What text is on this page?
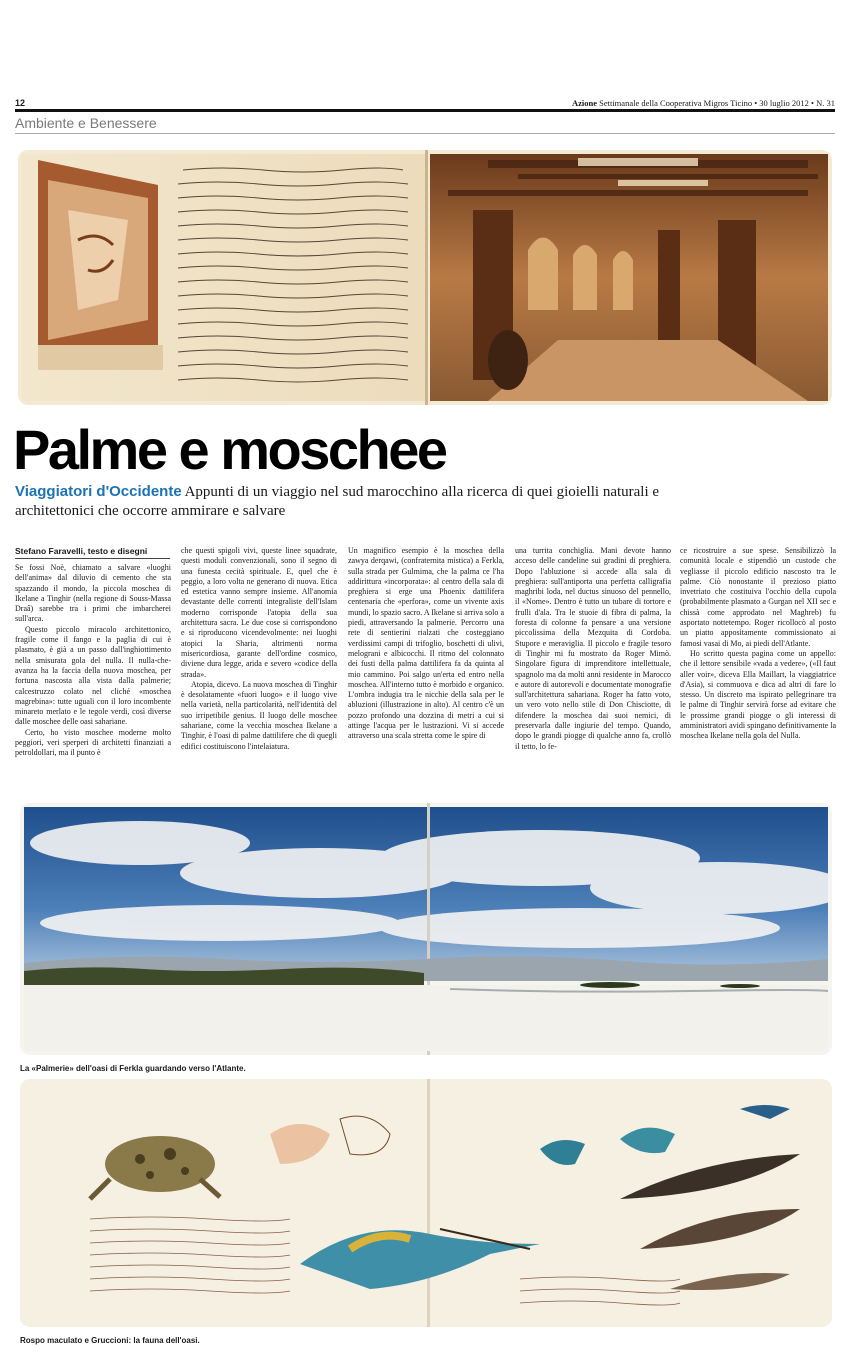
12	Azione Settimanale della Cooperativa Migros Ticino • 30 luglio 2012 • N. 31
Ambiente e Benessere
Palme e moschee
Viaggiatori d'Occidente Appunti di un viaggio nel sud marocchino alla ricerca di quei gioielli naturali e architettonici che occorre ammirare e salvare
Stefano Faravelli, testo e disegni

Se fossi Noè, chiamato a salvare «luoghi dell'anima» dal diluvio di cemento che sta spazzando il mondo, la piccola moschea di Ikelane a Tinghir (nella regione di Souss-Massa Draâ) sarebbe tra i primi che imbarcherei sull'arca.

Questo piccolo miracolo architettonico, fragile come il fango e la paglia di cui è plasmato, è già a un passo dall'inghiottimento nella smisurata gola del nulla. Il nulla-che-avanza ha la faccia della nuova moschea, per fortuna nascosta alla vista dalla palmerie; calcestruzzo colato nel cliché «moschea magrebina»: tutte uguali con il loro incombente minareto merlato e le tegole verdi, così diverse dalle moschee delle oasi sahariane.

Certo, ho visto moschee moderne molto peggiori, veri sperperi di architetti finanziati a petroldollari, ma il punto è

che questi spigoli vivi, queste linee squadrate, questi moduli convenzionali, sono il segno di una funesta cecità spirituale. E, quel che è peggio, a loro volta ne generano di nuova. Etica ed estetica vanno sempre insieme. All'anomia devastante delle correnti integraliste dell'Islam moderno corrisponde l'atopia della sua architettura sacra. Le due cose si corrispondono e si riproducono vicendevolmente: nei luoghi atopici la Sharia, altrimenti norma misericordiosa, garante dell'ordine cosmico, diviene dura legge, arida e severo «codice della strada».

Atopia, dicevo. La nuova moschea di Tinghir è desolatamente «fuori luogo» e il luogo vive nella varietà, nella particolarità, nell'identità del suo irripetibile genius. Il luogo delle moschee sahariane, come la vecchia moschea Ikelane a Tinghir, è l'oasi di palme dattilifere che di quegli edifici costituiscono l'intelaiatura.

Un magnifico esempio è la moschea della zawya derqawi, (confraternita mistica) a Ferkla, sulla strada per Gulmima, che la palma ce l'ha addirittura «incorporata»: al centro della sala di preghiera si erge una Phoenix dattilifera centenaria che «perfora», come un vivente axis mundi, lo spazio sacro. A Ikelane si arriva solo a piedi, attraversando la palmerie. Percorro una rete di sentierini rialzati che costeggiano verdissimi campi di trifoglio, boschetti di ulivi, melograni e albicocchi. Il ritmo del colonnato dei fusti della palma dattilifera fa da quinta al mio camminο. Poi salgo un'erta ed entro nella moschea. All'interno tutto è morbido e organico. L'ombra indugia tra le nicchie della sala per le abluzioni (illustrazione in alto). Al centro c'è un pozzo profondo una dozzina di metri a cui si attinge l'acqua per le lustrazioni. Vi si accede attraverso una scala stretta come le spire di

una turrita conchiglia. Mani devote hanno acceso delle candeline sui gradini di preghiera. Dopo l'abluzione si accede alla sala di preghiera: sull'antiporta una perfetta calligrafia maghribi loda, nel ductus sinuoso del pennello, il «Nome». Dentro è tutto un tubare di tortore e frulli d'ala. Tra le stuoie di fibra di palma, la foresta di colonne fa pensare a una versione piccolissima della Mezquita di Cordoba. Stupore e meraviglia. Il piccolo e fragile tesoro di Tinghir mi fu mostrato da Roger Mimò. Singolare figura di imprenditore intellettuale, spagnolo ma da molti anni residente in Marocco e autore di autorevoli e documentate monografie sull'architettura sahariana. Roger ha fatto voto, un vero voto nello stile di Don Chisciotte, di difendere la moschea dai suoi nemici, di preservarla dalle ingiurie del tempo. Quando, dopo le grandi piogge di qualche anno fa, crollò il tetto, lo fe-

ce ricostruire a sue spese. Sensibilizzò la comunità locale e stipendiò un custode che vegliasse il piccolo edificio nascosto tra le palme. Ciò nonostante il prezioso piatto invetriato che costituiva l'occhio della cupola (probabilmente plasmato a Gurgan nel XII sec e chissà come approdato nel Maghreb) fu asportato nottetempo. Roger ricollocò al posto un piatto appositamente commissionato ai famosi vasai di Mo, ai piedi dell'Atlante.

Ho scritto questa pagina come un appello: che il lettore sensibile «vada a vedere», («Il faut aller voir», diceva Ella Maillart, la viaggiatrice d'Asia), si commuova e dica ad altri di fare lo stesso. Un discreto ma ispirato pellegrinare tra le palme di Tinghir servirà forse ad evitare che le prossime grandi piogge o gli interessi di amministratori avidi spingano definitivamente la moschea Ikelane nella gola del Nulla.

La «Palmerie» dell'oasi di Ferkla guardando verso l'Atlante.
Rospo maculato e Gruccioni: la fauna dell'oasi.
